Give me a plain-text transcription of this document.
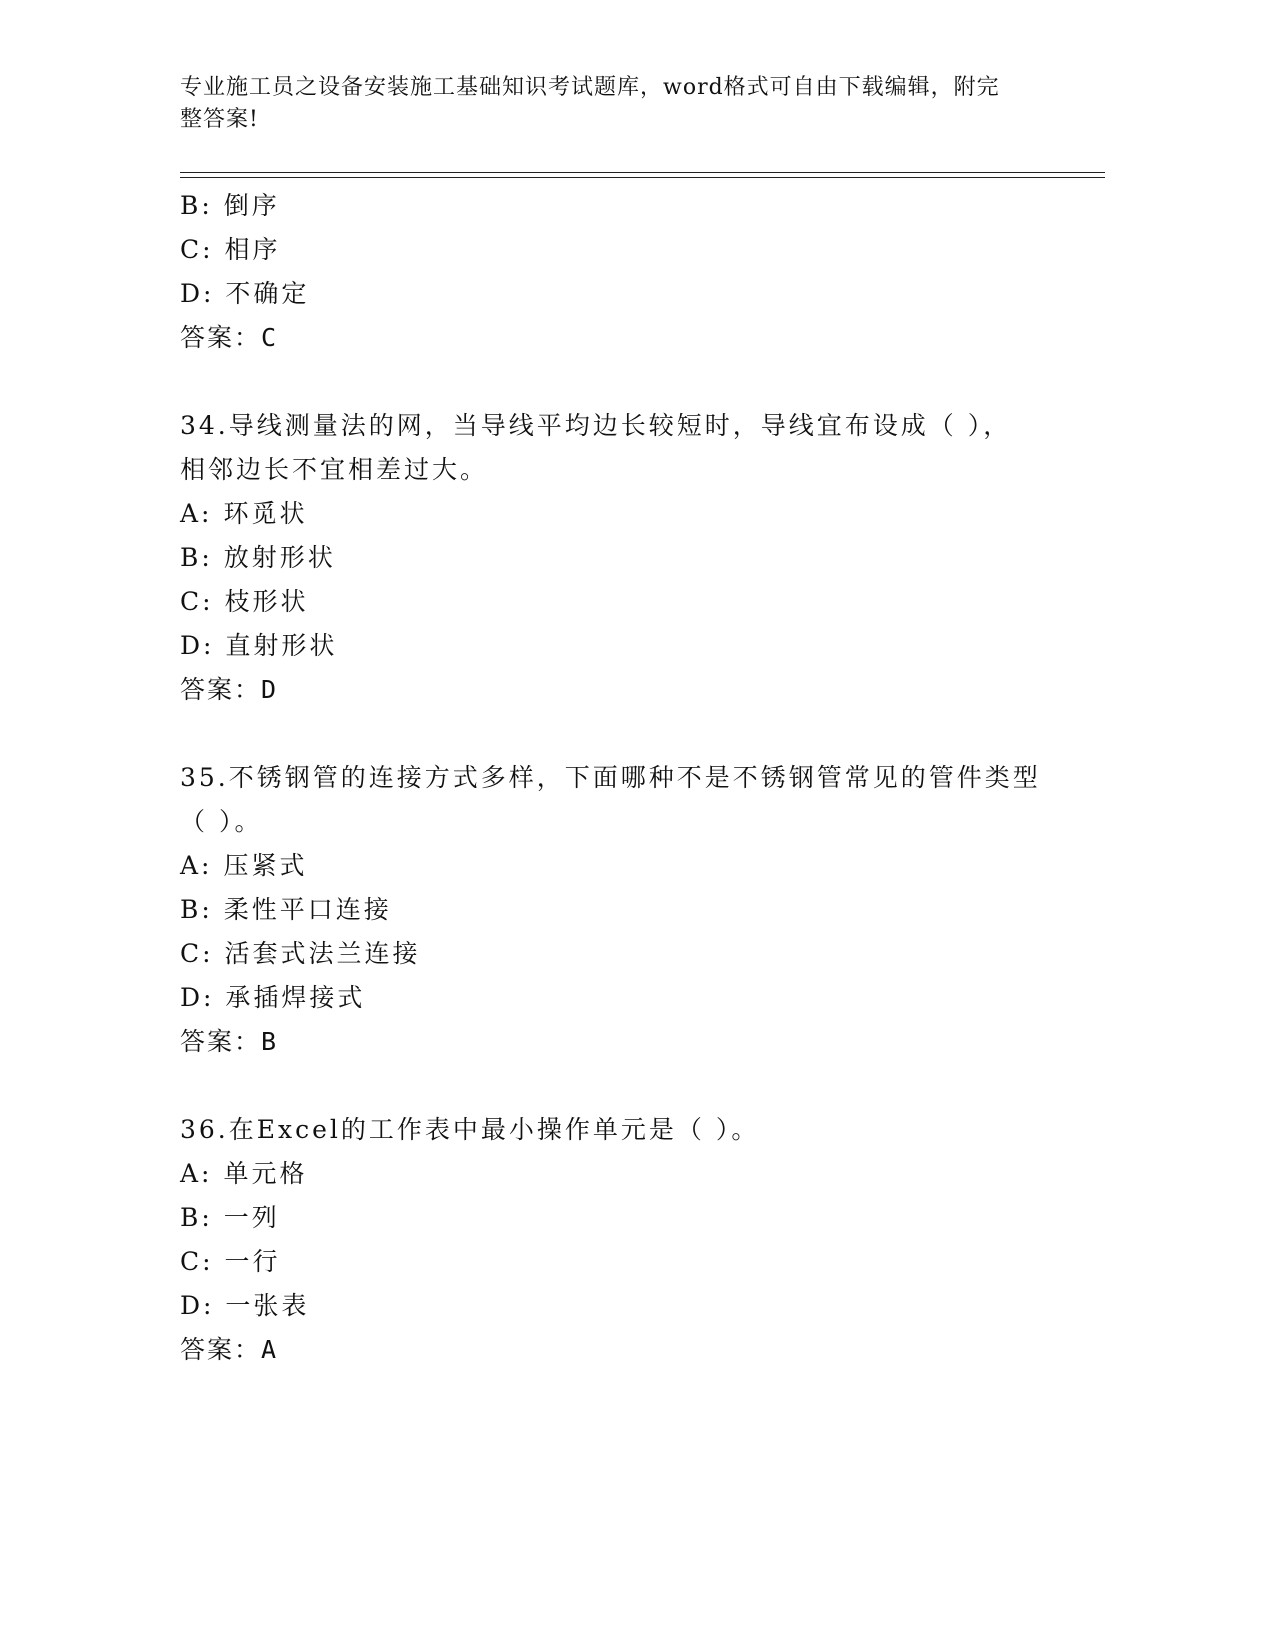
专业施工员之设备安装施工基础知识考试题库，word格式可自由下载编辑，附完
整答案!
B: 倒序
C: 相序
D: 不确定
答案：C
34.导线测量法的网，当导线平均边长较短时，导线宜布设成（ ），
相邻边长不宜相差过大。
A: 环觅状
B: 放射形状
C: 枝形状
D: 直射形状
答案：D
35.不锈钢管的连接方式多样，下面哪种不是不锈钢管常见的管件类型
（ ）。
A: 压紧式
B: 柔性平口连接
C: 活套式法兰连接
D: 承插焊接式
答案：B
36.在Excel的工作表中最小操作单元是（ ）。
A: 单元格
B: 一列
C: 一行
D: 一张表
答案：A
